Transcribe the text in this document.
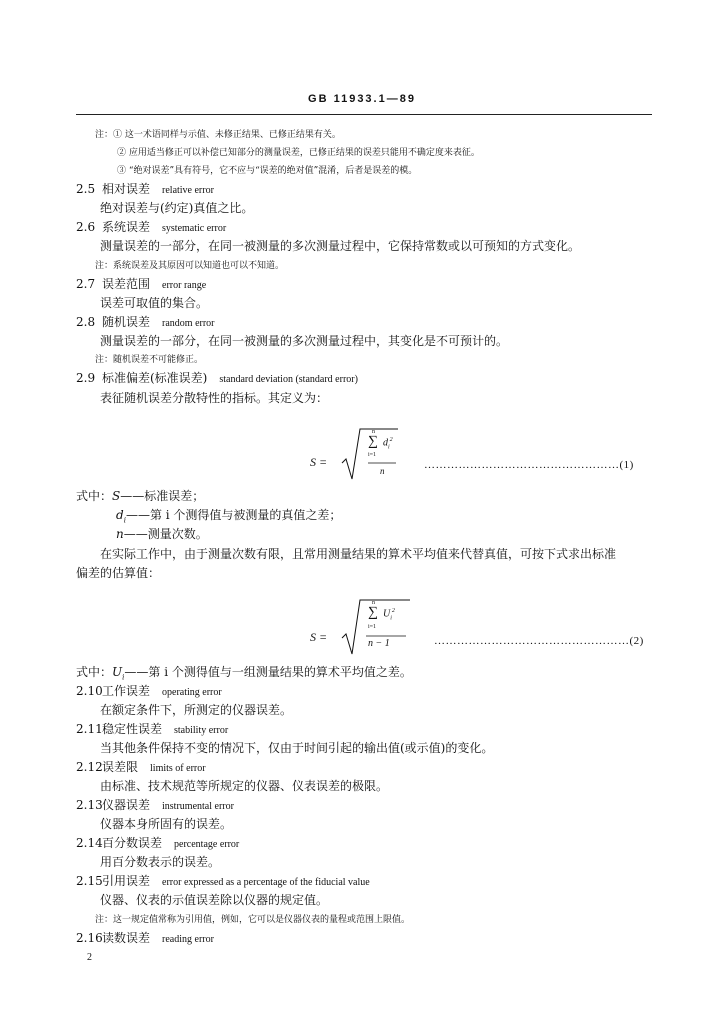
GB 11933.1—89
注：① 这一术语同样与示值、未修正结果、已修正结果有关。
② 应用适当修正可以补偿已知部分的测量误差，已修正结果的误差只能用不确定度来表征。
③ “绝对误差”具有符号，它不应与“误差的绝对值”混淆，后者是误差的模。
2.5 相对误差 relative error
绝对误差与(约定)真值之比。
2.6 系统误差 systematic error
测量误差的一部分，在同一被测量的多次测量过程中，它保持常数或以可预知的方式变化。
注：系统误差及其原因可以知道也可以不知道。
2.7 误差范围 error range
误差可取值的集合。
2.8 随机误差 random error
测量误差的一部分，在同一被测量的多次测量过程中，其变化是不可预计的。
注：随机误差不可能修正。
2.9 标准偏差(标准误差) standard deviation (standard error)
表征随机误差分散特性的指标。其定义为：
S =
n
∑ $d_i^2$
i=1
n	……………………………………………(1)
式中：S——标准误差；
$d_i——$第 i 个测得值与被测量的真值之差；
n——测量次数。
在实际工作中，由于测量次数有限，且常用测量结果的算术平均值来代替真值，可按下式求出标准
偏差的估算值：
S =
n
∑ $U_i^2$
i=1
n − 1	……………………………………………(2)
式中：$U_i——$第 i 个测得值与一组测量结果的算术平均值之差。
2.10工作误差 operating error
在额定条件下，所测定的仪器误差。
2.11稳定性误差 stability error
当其他条件保持不变的情况下，仅由于时间引起的输出值(或示值)的变化。
2.12误差限 limits of error
由标准、技术规范等所规定的仪器、仪表误差的极限。
2.13仪器误差 instrumental error
仪器本身所固有的误差。
2.14百分数误差 percentage error
用百分数表示的误差。
2.15引用误差 error expressed as a percentage of the fiducial value
仪器、仪表的示值误差除以仪器的规定值。
注：这一规定值常称为引用值，例如，它可以是仪器仪表的量程或范围上限值。
2.16读数误差 reading error
2
